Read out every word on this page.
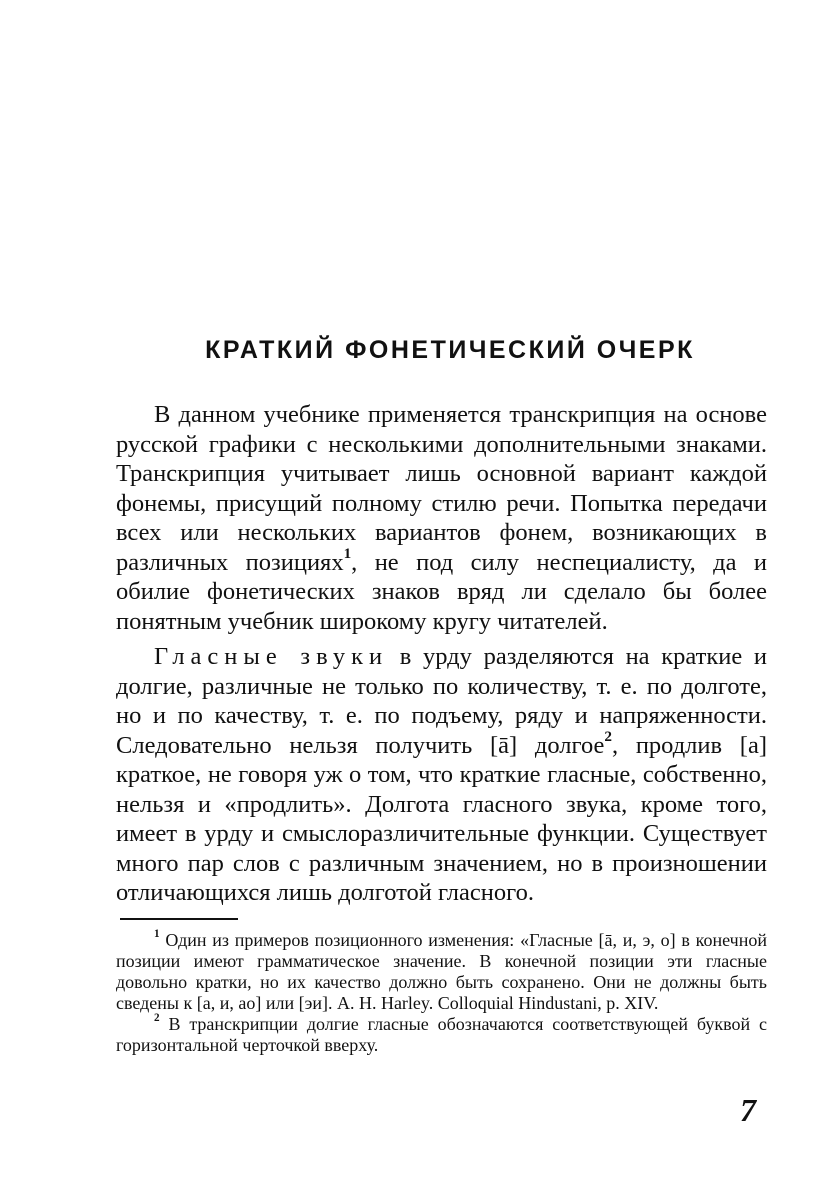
КРАТКИЙ ФОНЕТИЧЕСКИЙ ОЧЕРК

В данном учебнике применяется транскрипция на основе русской графики с несколькими дополнительными знаками. Транскрипция учитывает лишь основной вариант каждой фонемы, присущий полному стилю речи. Попытка передачи всех или нескольких вариантов фонем, возникающих в различных позициях$^1$, не под силу неспециалисту, да и обилие фонетических знаков вряд ли сделало бы более понятным учебник широкому кругу читателей.

Гласные звуки в урду разделяются на краткие и долгие, различные не только по количеству, т. е. по долготе, но и по качеству, т. е. по подъему, ряду и напряженности. Следовательно нельзя получить [ā] долгое$^2$, продлив [а] краткое, не говоря уж о том, что краткие гласные, собственно, нельзя и «продлить». Долгота гласного звука, кроме того, имеет в урду и смыслоразличительные функции. Существует много пар слов с различным значением, но в произношении отличающихся лишь долготой гласного.

$^1$ Один из примеров позиционного изменения: «Гласные [ā, и, э, о] в конечной позиции имеют грамматическое значение. В конечной позиции эти гласные довольно кратки, но их качество должно быть сохранено. Они не должны быть сведены к [а, и, ао] или [эи]. A. H. Harley. Colloquial Hindustani, p. XIV.

$^2$ В транскрипции долгие гласные обозначаются соответствующей буквой с горизонтальной черточкой вверху.

7
